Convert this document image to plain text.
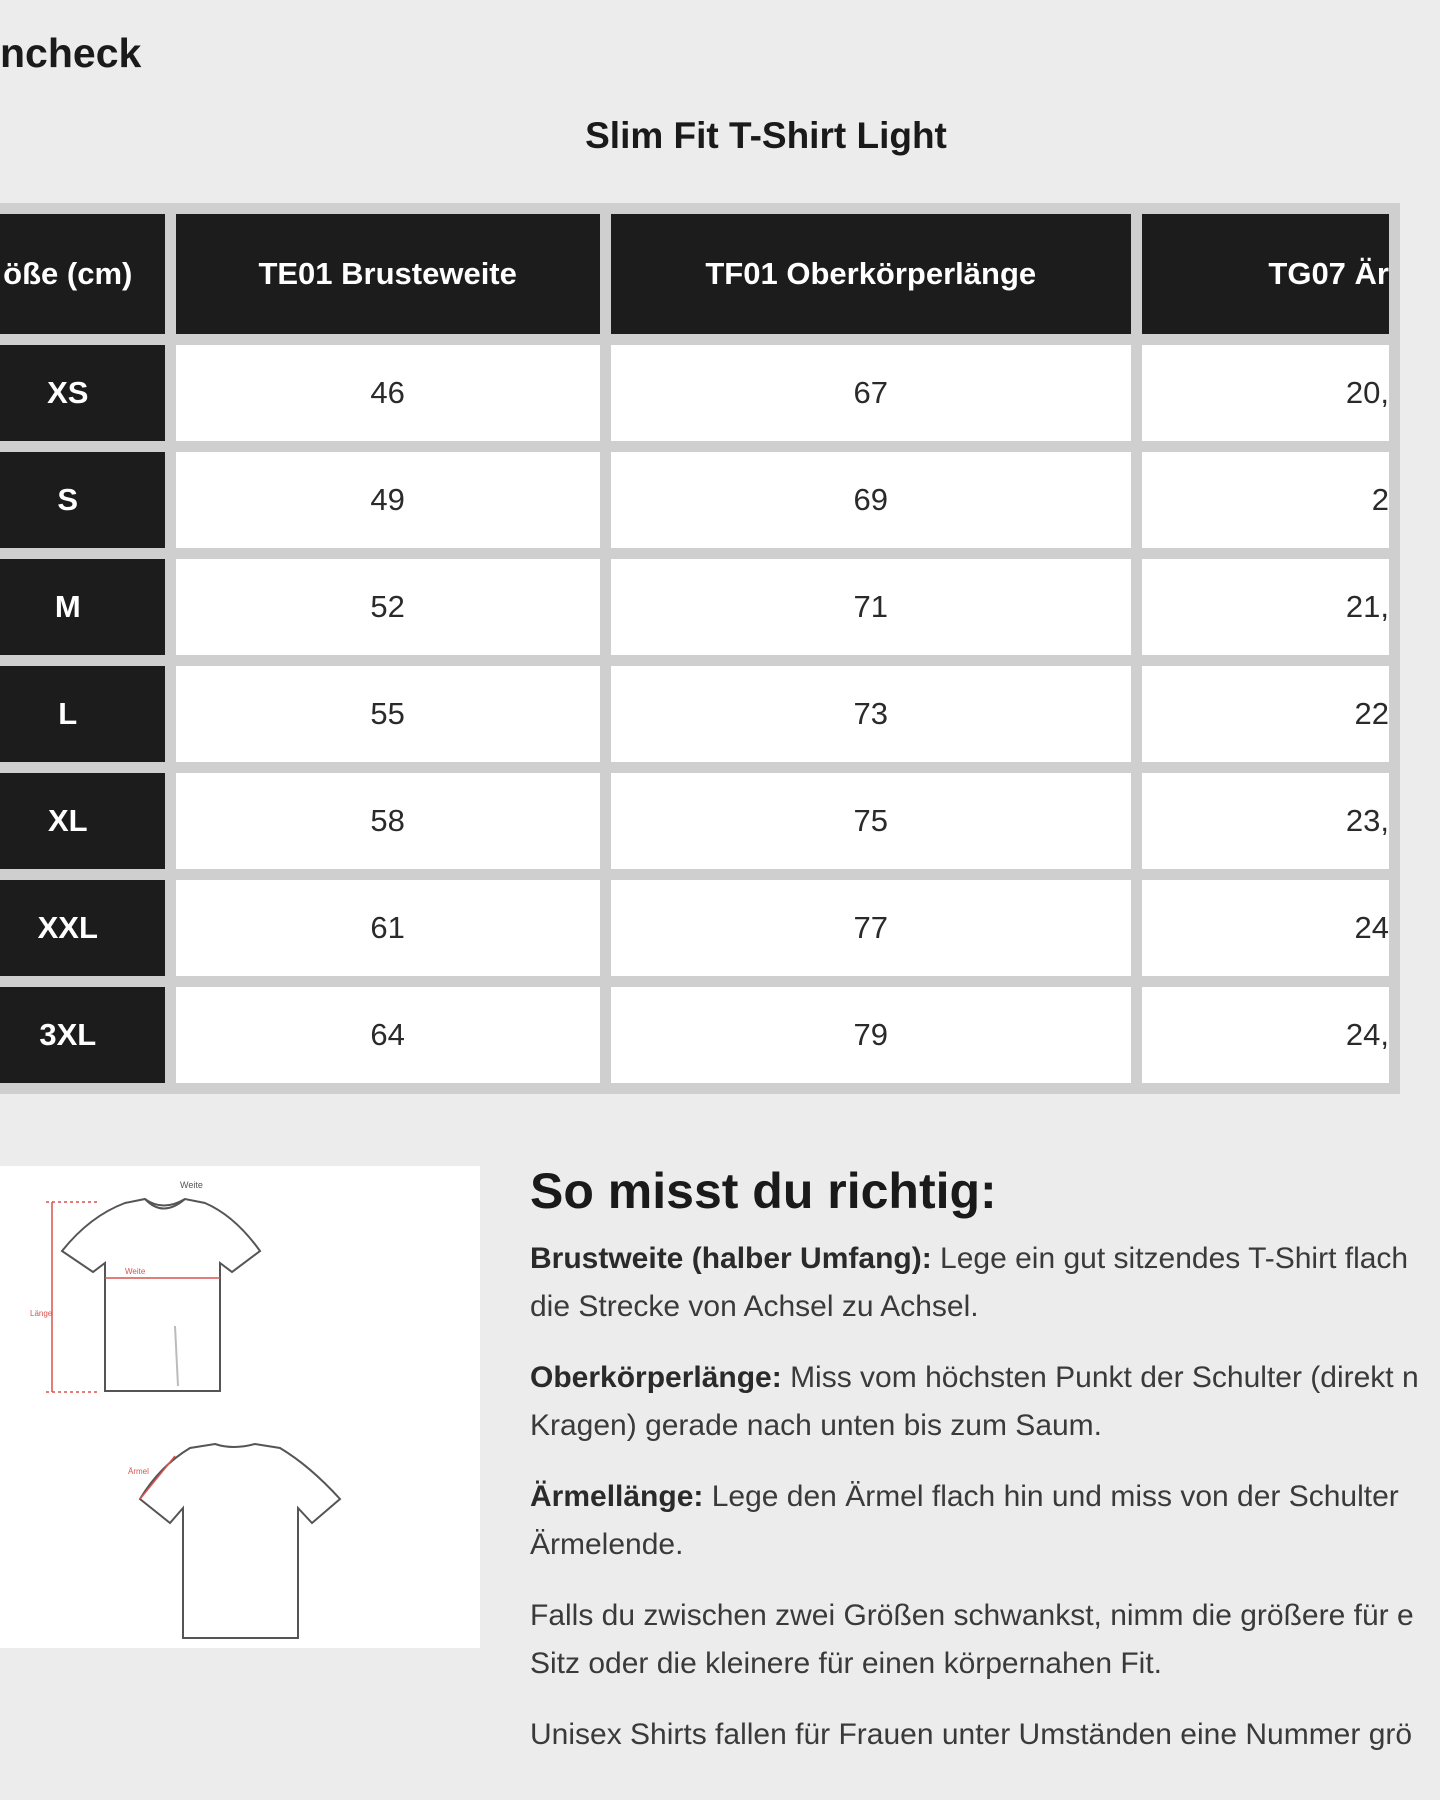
ncheck
Slim Fit T-Shirt Light
öße (cm)	TE01 Brusteweite	TF01 Oberkörperlänge	TG07 Är
XS	46	67	20,
S	49	69	2
M	52	71	21,
L	55	73	22
XL	58	75	23,
XXL	61	77	24
3XL	64	79	24,
Weite
Weite
Länge
Ärmel
So misst du richtig:
Brustweite (halber Umfang): Lege ein gut sitzendes T-Shirt flach
die Strecke von Achsel zu Achsel.
Oberkörperlänge: Miss vom höchsten Punkt der Schulter (direkt n
Kragen) gerade nach unten bis zum Saum.
Ärmellänge: Lege den Ärmel flach hin und miss von der Schulter
Ärmelende.
Falls du zwischen zwei Größen schwankst, nimm die größere für e
Sitz oder die kleinere für einen körpernahen Fit.
Unisex Shirts fallen für Frauen unter Umständen eine Nummer grö
